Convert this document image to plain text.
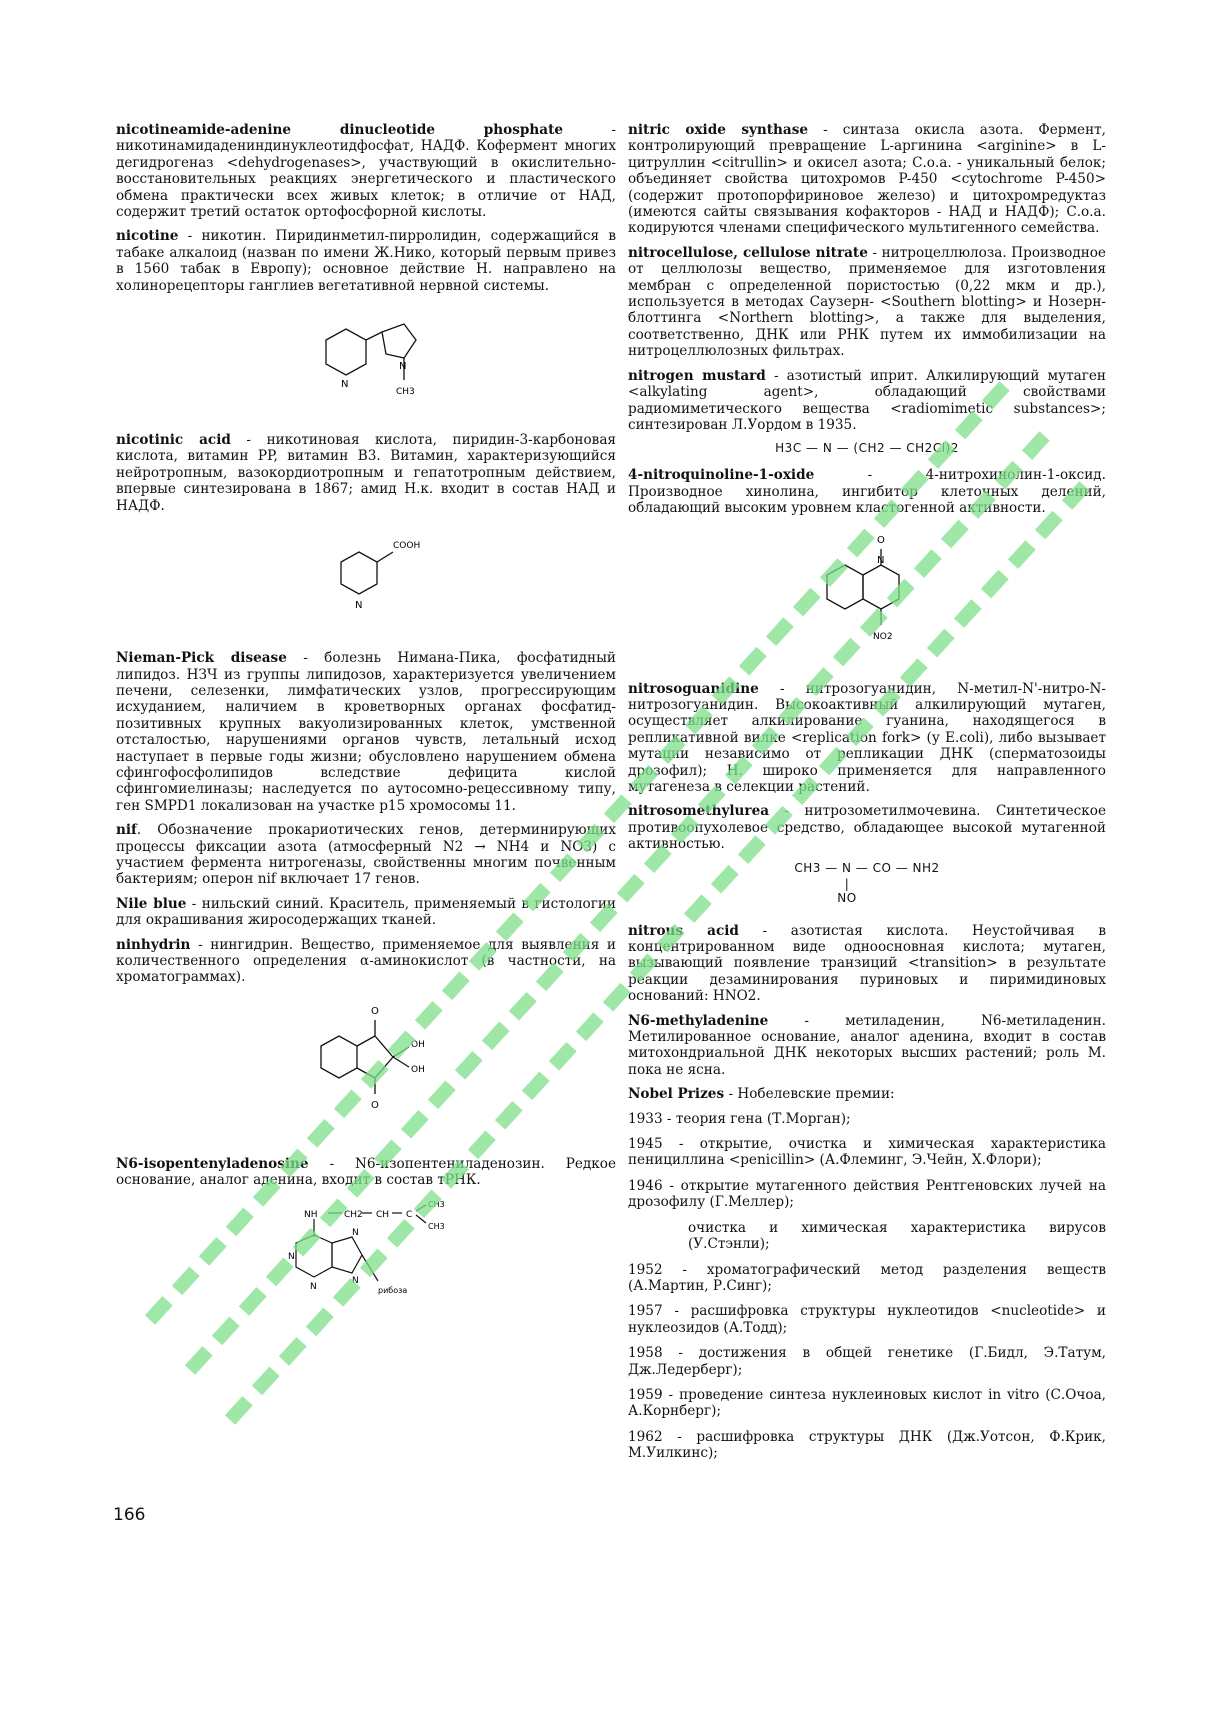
nicotineamide-adenine dinucleotide phosphate - никотинамидадениндинуклеотидфосфат, НАДФ. Кофермент многих дегидрогеназ <dehydrogenases>, участвующий в окислительно-восстановительных реакциях энергетического и пластического обмена практически всех живых клеток; в отличие от НАД, содержит третий остаток ортофосфорной кислоты.

nicotine - никотин. Пиридинметил-пирролидин, содержащийся в табаке алкалоид (назван по имени Ж.Нико, который первым привез в 1560 табак в Европу); основное действие Н. направлено на холинорецепторы ганглиев вегетативной нервной системы.

N
N
CH3

nicotinic acid - никотиновая кислота, пиридин-3-карбоновая кислота, витамин PP, витамин B3. Витамин, характеризующийся нейротропным, вазокордиотропным и гепатотропным действием, впервые синтезирована в 1867; амид Н.к. входит в состав НАД и НАДФ.

COOH
N

Nieman-Pick disease - болезнь Нимана-Пика, фосфатидный липидоз. НЗЧ из группы липидозов, характеризуется увеличением печени, селезенки, лимфатических узлов, прогрессирующим исхуданием, наличием в кроветворных органах фосфатид-позитивных крупных вакуолизированных клеток, умственной отсталостью, нарушениями органов чувств, летальный исход наступает в первые годы жизни; обусловлено нарушением обмена сфингофосфолипидов вследствие дефицита кислой сфингомиелиназы; наследуется по аутосомно-рецессивному типу, ген SMPD1 локализован на участке p15 хромосомы 11.

nif. Обозначение прокариотических генов, детерминирующих процессы фиксации азота (атмосферный N2 → NH4 и NO3) с участием фермента нитрогеназы, свойственны многим почвенным бактериям; оперон nif включает 17 генов.

Nile blue - нильский синий. Краситель, применяемый в гистологии для окрашивания жиросодержащих тканей.

ninhydrin - нингидрин. Вещество, применяемое для выявления и количественного определения α-аминокислот (в частности, на хроматограммах).

O
OH
OH
O

N6-isopentenyladenosine - N6-изопентениладенозин. Редкое основание, аналог аденина, входит в состав тРНК.

NH	CH2 CH C
CH3
CH3
N
N
N
N
рибоза

nitric oxide synthase - синтаза окисла азота. Фермент, контролирующий превращение L-аргинина <arginine> в L-цитруллин <citrullin> и окисел азота; С.о.а. - уникальный белок; объединяет свойства цитохромов P-450 <cytochrome P-450> (содержит протопорфириновое железо) и цитохромредуктаз (имеются сайты связывания кофакторов - НАД и НАДФ); С.о.а. кодируются членами специфического мультигенного семейства.

nitrocellulose, cellulose nitrate - нитроцеллюлоза. Производное от целлюлозы вещество, применяемое для изготовления мембран с определенной пористостью (0,22 мкм и др.), используется в методах Саузерн- <Southern blotting> и Нозерн-блоттинга <Northern blotting>, а также для выделения, соответственно, ДНК или РНК путем их иммобилизации на нитроцеллюлозных фильтрах.

nitrogen mustard - азотистый иприт. Алкилирующий мутаген <alkylating agent>, обладающий свойствами радиомиметического вещества <radiomimetic substances>; синтезирован Л.Уордом в 1935.

H3C — N — (CH2 — CH2Cl)2

4-nitroquinoline-1-oxide - 4-нитрохинолин-1-оксид. Производное хинолина, ингибитор клеточных делений, обладающий высоким уровнем кластогенной активности.

O
N
NO2

nitrosoguanidine - нитрозогуанидин, N-метил-N'-нитро-N-нитрозогуанидин. Высокоактивный алкилирующий мутаген, осуществляет алкилирование гуанина, находящегося в репликативной вилке <replication fork> (у E.coli), либо вызывает мутации независимо от репликации ДНК (сперматозоиды дрозофил); Н. широко применяется для направленного мутагенеза в селекции растений.

nitrosomethylurea - нитрозометилмочевина. Синтетическое противоопухолевое средство, обладающее высокой мутагенной активностью.

CH3 — N — CO — NH2
|
NO

nitrous acid - азотистая кислота. Неустойчивая в концентрированном виде одноосновная кислота; мутаген, вызывающий появление транзиций <transition> в результате реакции дезаминирования пуриновых и пиримидиновых оснований: HNO2.

N6-methyladenine - метиладенин, N6-метиладенин. Метилированное основание, аналог аденина, входит в состав митохондриальной ДНК некоторых высших растений; роль М. пока не ясна.

Nobel Prizes - Нобелевские премии:

1933 - теория гена (Т.Морган);

1945 - открытие, очистка и химическая характеристика пенициллина <penicillin> (А.Флеминг, Э.Чейн, Х.Флори);

1946 - открытие мутагенного действия Рентгеновских лучей на дрозофилу (Г.Меллер);

очистка и химическая характеристика вирусов (У.Стэнли);

1952 - хроматографический метод разделения веществ (А.Мартин, Р.Синг);

1957 - расшифровка структуры нуклеотидов <nucleotide> и нуклеозидов (А.Тодд);

1958 - достижения в общей генетике (Г.Бидл, Э.Татум, Дж.Ледерберг);

1959 - проведение синтеза нуклеиновых кислот in vitro (С.Очоа, А.Корнберг);

1962 - расшифровка структуры ДНК (Дж.Уотсон, Ф.Крик, М.Уилкинс);

166
